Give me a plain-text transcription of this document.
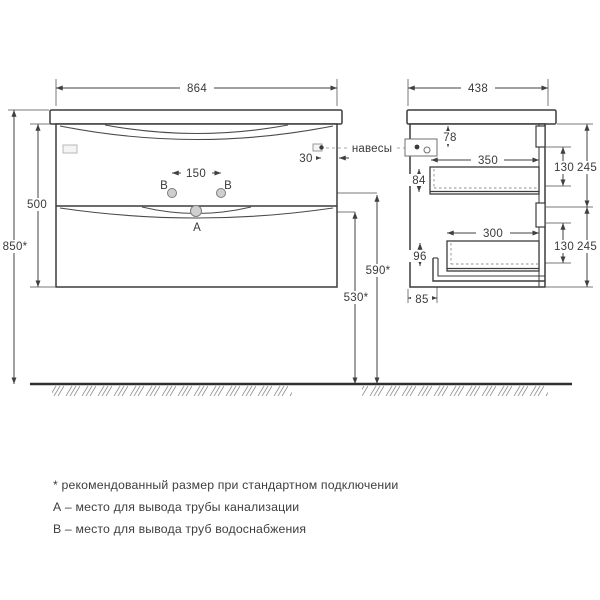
864
500
850*
150
30
590*
530*
В	В
А
навесы
438
78
350
84
300
96
85
130 245
130 245
* рекомендованный размер при стандартном подключении
А – место для вывода трубы канализации
В – место для вывода труб водоснабжения
